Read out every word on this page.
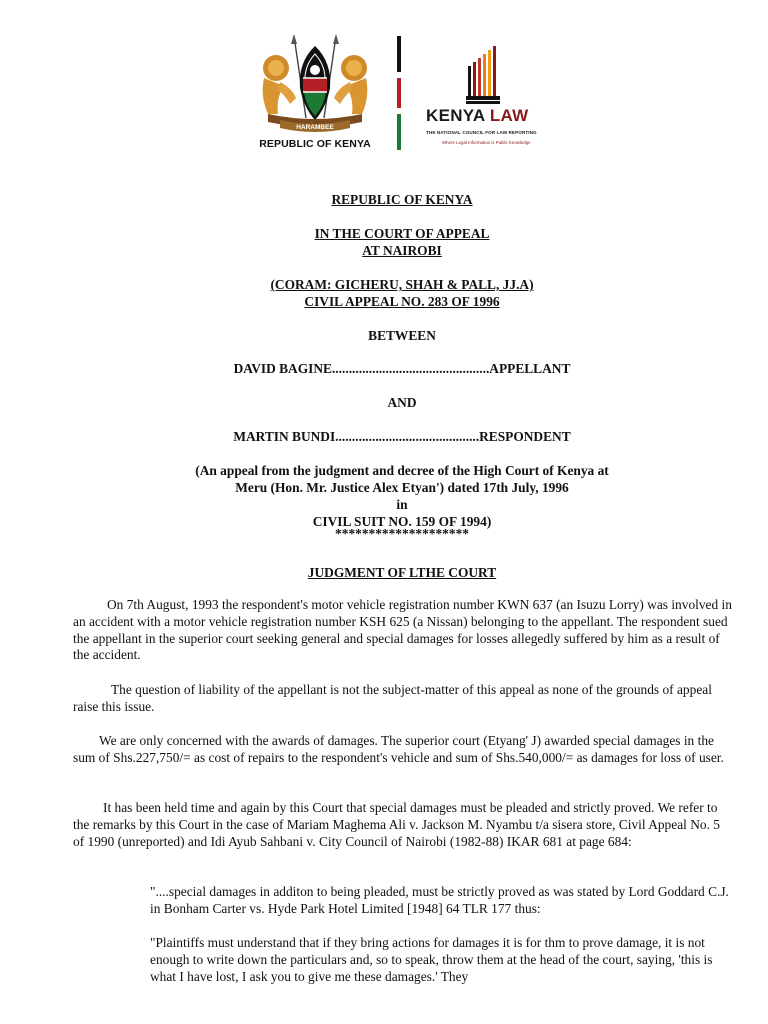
HARAMBEE
REPUBLIC OF KENYA
KENYA LAW
THE NATIONAL COUNCIL FOR LAW REPORTING
Where Legal Information is Public Knowledge
REPUBLIC OF KENYA
IN THE COURT OF APPEAL
AT NAIROBI
(CORAM: GICHERU, SHAH & PALL, JJ.A)
CIVIL APPEAL NO. 283 OF 1996
BETWEEN
DAVID BAGINE...............................................APPELLANT
AND
MARTIN BUNDI...........................................RESPONDENT
(An appeal from the judgment and decree of the High Court of Kenya at
Meru (Hon. Mr. Justice Alex Etyan') dated 17th July, 1996
in
CIVIL SUIT NO. 159 OF 1994)
********************
JUDGMENT OF LTHE COURT

On 7th August, 1993 the respondent's motor vehicle registration number KWN 637 (an Isuzu Lorry) was involved in an accident with a motor vehicle registration number KSH 625 (a Nissan) belonging to the appellant. The respondent sued the appellant in the superior court seeking general and special damages for losses allegedly suffered by him as a result of the accident.

The question of liability of the appellant is not the subject-matter of this appeal as none of the grounds of appeal raise this issue.

We are only concerned with the awards of damages. The superior court (Etyang' J) awarded special damages in the sum of Shs.227,750/= as cost of repairs to the respondent's vehicle and sum of Shs.540,000/= as damages for loss of user.

It has been held time and again by this Court that special damages must be pleaded and strictly proved. We refer to the remarks by this Court in the case of Mariam Maghema Ali v. Jackson M. Nyambu t/a sisera store, Civil Appeal No. 5 of 1990 (unreported) and Idi Ayub Sahbani v. City Council of Nairobi (1982-88) IKAR 681 at page 684:

"....special damages in additon to being pleaded, must be strictly proved as was stated by Lord Goddard C.J. in Bonham Carter vs. Hyde Park Hotel Limited [1948] 64 TLR 177 thus:

"Plaintiffs must understand that if they bring actions for damages it is for thm to prove damage, it is not enough to write down the particulars and, so to speak, throw them at the head of the court, saying, 'this is what I have lost, I ask you to give me these damages.' They
